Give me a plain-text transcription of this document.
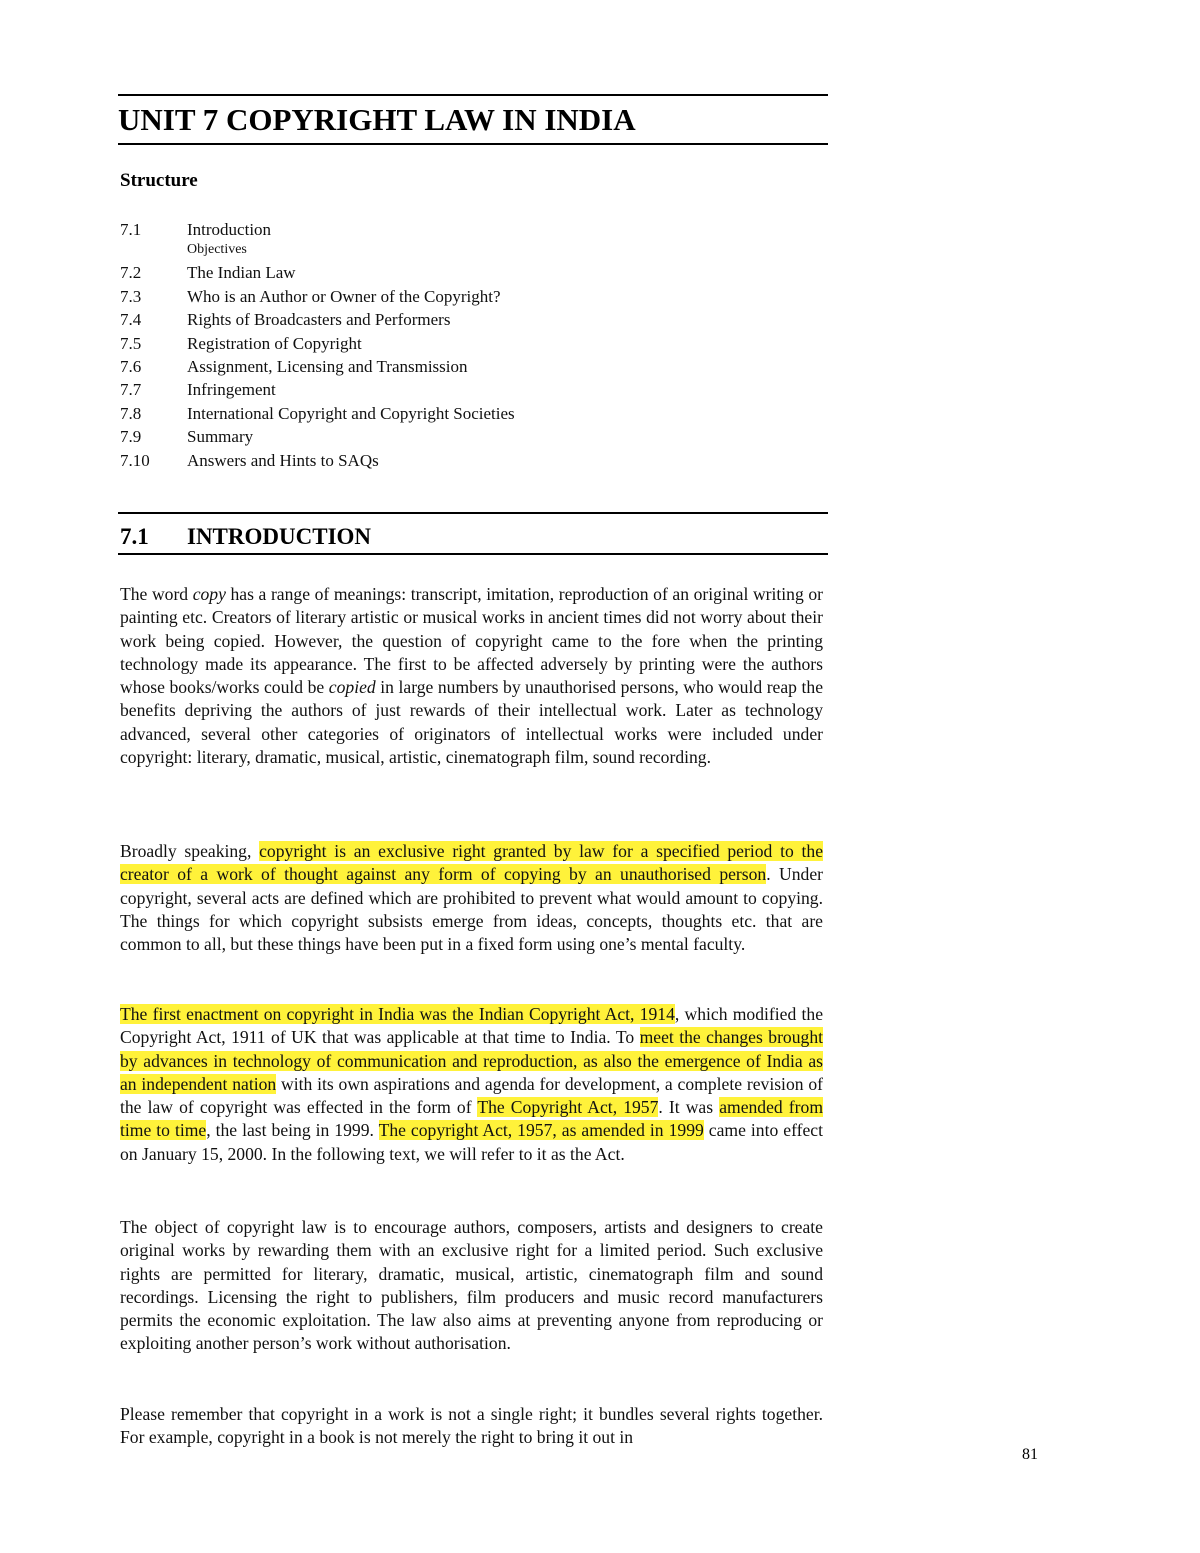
UNIT 7 COPYRIGHT LAW IN INDIA
Structure
7.1	Introduction
Objectives
7.2	The Indian Law
7.3	Who is an Author or Owner of the Copyright?
7.4	Rights of Broadcasters and Performers
7.5	Registration of Copyright
7.6	Assignment, Licensing and Transmission
7.7	Infringement
7.8	International Copyright and Copyright Societies
7.9	Summary
7.10	Answers and Hints to SAQs
7.1 INTRODUCTION

The word copy has a range of meanings: transcript, imitation, reproduction of an original writing or painting etc. Creators of literary artistic or musical works in ancient times did not worry about their work being copied. However, the question of copyright came to the fore when the printing technology made its appearance. The first to be affected adversely by printing were the authors whose books/works could be copied in large numbers by unauthorised persons, who would reap the benefits depriving the authors of just rewards of their intellectual work. Later as technology advanced, several other categories of originators of intellectual works were included under copyright: literary, dramatic, musical, artistic, cinematograph film, sound recording.

Broadly speaking, copyright is an exclusive right granted by law for a specified period to the creator of a work of thought against any form of copying by an unauthorised person. Under copyright, several acts are defined which are prohibited to prevent what would amount to copying. The things for which copyright subsists emerge from ideas, concepts, thoughts etc. that are common to all, but these things have been put in a fixed form using one’s mental faculty.

The first enactment on copyright in India was the Indian Copyright Act, 1914, which modified the Copyright Act, 1911 of UK that was applicable at that time to India. To meet the changes brought by advances in technology of communication and reproduction, as also the emergence of India as an independent nation with its own aspirations and agenda for development, a complete revision of the law of copyright was effected in the form of The Copyright Act, 1957. It was amended from time to time, the last being in 1999. The copyright Act, 1957, as amended in 1999 came into effect on January 15, 2000. In the following text, we will refer to it as the Act.

The object of copyright law is to encourage authors, composers, artists and designers to create original works by rewarding them with an exclusive right for a limited period. Such exclusive rights are permitted for literary, dramatic, musical, artistic, cinematograph film and sound recordings. Licensing the right to publishers, film producers and music record manufacturers permits the economic exploitation. The law also aims at preventing anyone from reproducing or exploiting another person’s work without authorisation.

Please remember that copyright in a work is not a single right; it bundles several rights together. For example, copyright in a book is not merely the right to bring it out in

81
